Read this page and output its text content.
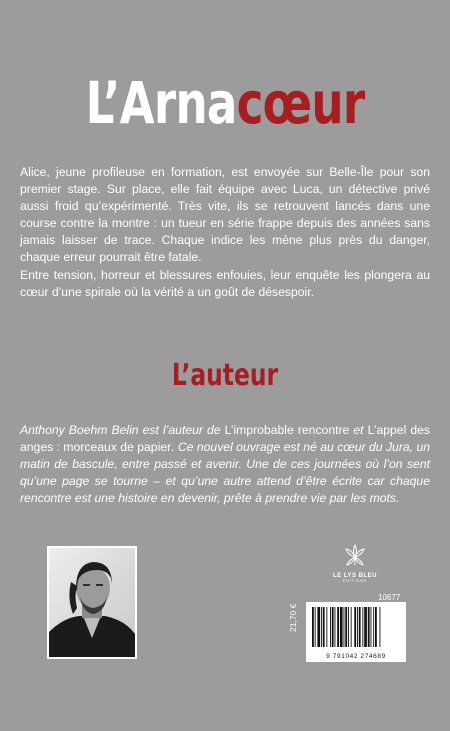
L’Arnacœur

Alice, jeune profileuse en formation, est envoyée sur Belle-Île pour son premier stage. Sur place, elle fait équipe avec Luca, un détective privé aussi froid qu’expérimenté. Très vite, ils se retrouvent lancés dans une course contre la montre : un tueur en série frappe depuis des années sans jamais laisser de trace. Chaque indice les mène plus près du danger, chaque erreur pourrait être fatale.

Entre tension, horreur et blessures enfouies, leur enquête les plongera au cœur d’une spirale où la vérité a un goût de désespoir.

L’auteur
Anthony Boehm Belin est l’auteur de L’improbable rencontre et L’appel des anges : morceaux de papier. Ce nouvel ouvrage est né au cœur du Jura, un matin de bascule, entre passé et avenir. Une de ces journées où l’on sent qu’une page se tourne – et qu’une autre attend d’être écrite car chaque rencontre est une histoire en devenir, prête à prendre vie par les mots.
LE LYS BLEU
ÉDITIONS
10677
21,70 €
9 791042 274689
